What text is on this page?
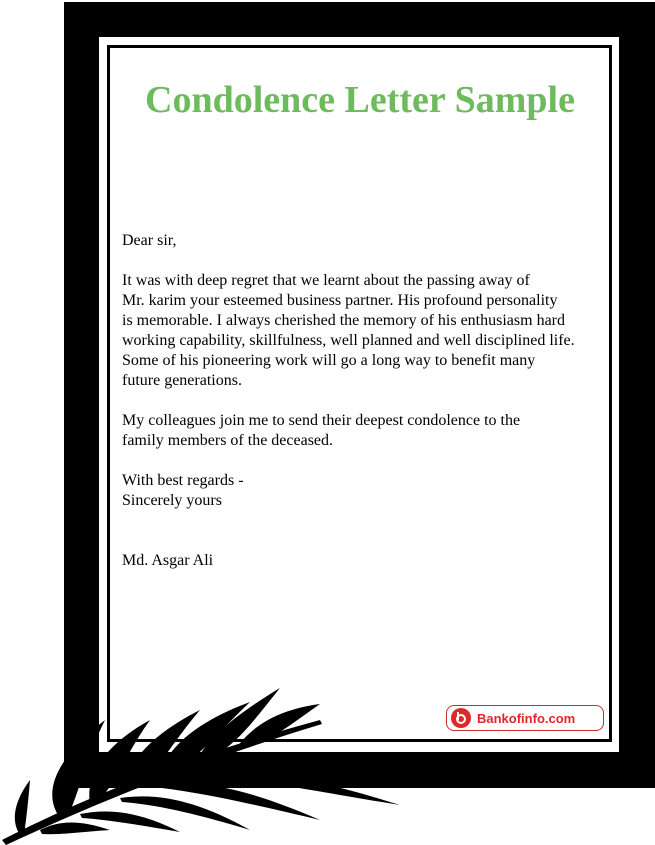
Condolence Letter Sample

Dear sir,

It was with deep regret that we learnt about the passing away of
Mr. karim your esteemed business partner. His profound personality
is memorable. I always cherished the memory of his enthusiasm hard
working capability, skillfulness, well planned and well disciplined life.
Some of his pioneering work will go a long way to benefit many
future generations.

My colleagues join me to send their deepest condolence to the
family members of the deceased.

With best regards -
Sincerely yours

Md. Asgar Ali

Bankofinfo.com
